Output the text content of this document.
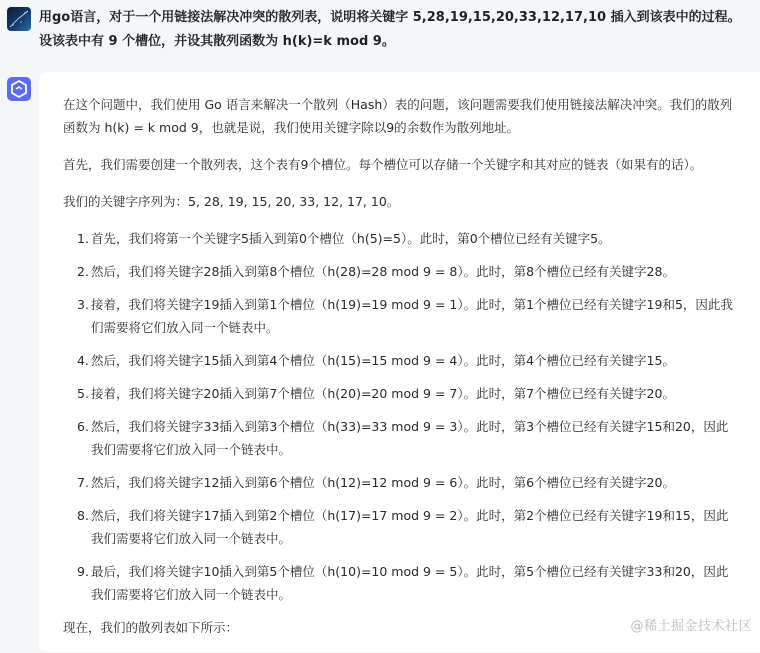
用go语言，对于一个用链接法解决冲突的散列表，说明将关键字 5,28,19,15,20,33,12,17,10 插入到该表中的过程。设该表中有 9 个槽位，并设其散列函数为 h(k)=k mod 9。

在这个问题中，我们使用 Go 语言来解决一个散列（Hash）表的问题，该问题需要我们使用链接法解决冲突。我们的散列函数为 h(k) = k mod 9，也就是说，我们使用关键字除以9的余数作为散列地址。

首先，我们需要创建一个散列表，这个表有9个槽位。每个槽位可以存储一个关键字和其对应的链表（如果有的话）。

我们的关键字序列为：5, 28, 19, 15, 20, 33, 12, 17, 10。

1. 首先，我们将第一个关键字5插入到第0个槽位（h(5)=5）。此时，第0个槽位已经有关键字5。
2. 然后，我们将关键字28插入到第8个槽位（h(28)=28 mod 9 = 8）。此时，第8个槽位已经有关键字28。
3. 接着，我们将关键字19插入到第1个槽位（h(19)=19 mod 9 = 1）。此时，第1个槽位已经有关键字19和5，因此我们需要将它们放入同一个链表中。
4. 然后，我们将关键字15插入到第4个槽位（h(15)=15 mod 9 = 4）。此时，第4个槽位已经有关键字15。
5. 接着，我们将关键字20插入到第7个槽位（h(20)=20 mod 9 = 7）。此时，第7个槽位已经有关键字20。
6. 然后，我们将关键字33插入到第3个槽位（h(33)=33 mod 9 = 3）。此时，第3个槽位已经有关键字15和20，因此我们需要将它们放入同一个链表中。
7. 然后，我们将关键字12插入到第6个槽位（h(12)=12 mod 9 = 6）。此时，第6个槽位已经有关键字20。
8. 然后，我们将关键字17插入到第2个槽位（h(17)=17 mod 9 = 2）。此时，第2个槽位已经有关键字19和15，因此我们需要将它们放入同一个链表中。
9. 最后，我们将关键字10插入到第5个槽位（h(10)=10 mod 9 = 5）。此时，第5个槽位已经有关键字33和20，因此我们需要将它们放入同一个链表中。

现在，我们的散列表如下所示：

@稀土掘金技术社区
